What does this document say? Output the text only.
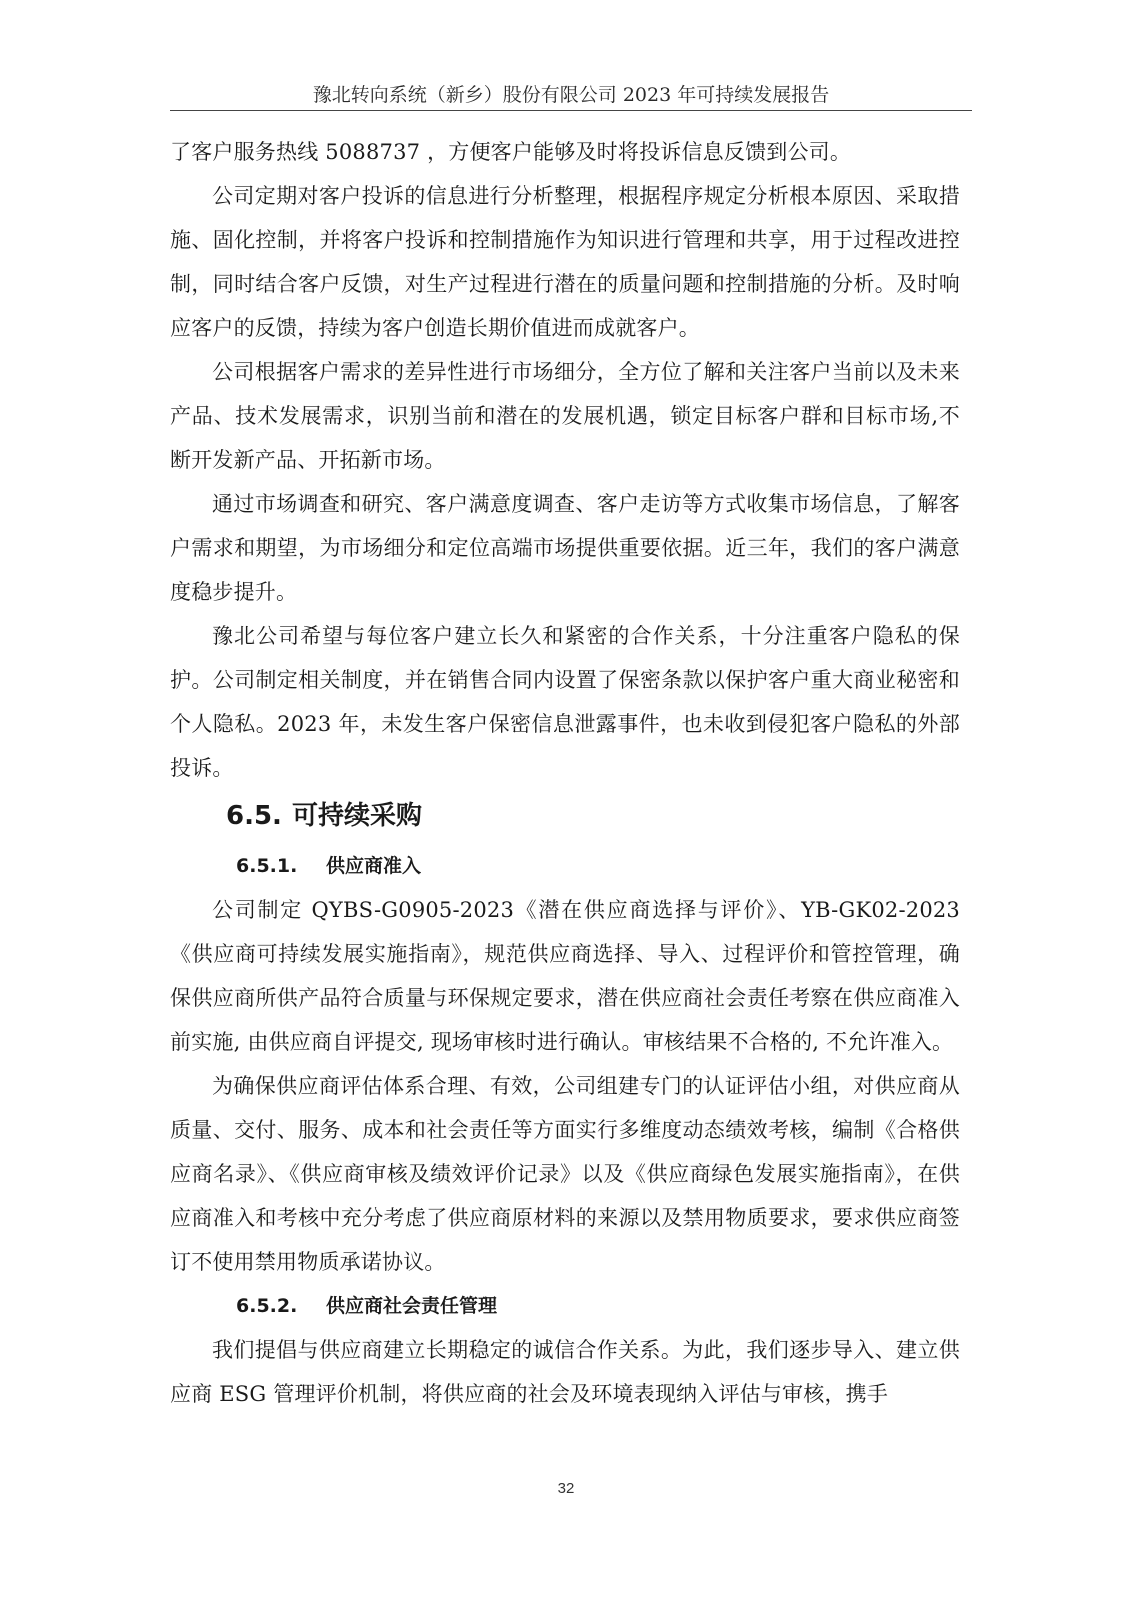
豫北转向系统（新乡）股份有限公司 2023 年可持续发展报告

了客户服务热线 5088737 ，方便客户能够及时将投诉信息反馈到公司。

公司定期对客户投诉的信息进行分析整理，根据程序规定分析根本原因、采取措施、固化控制，并将客户投诉和控制措施作为知识进行管理和共享，用于过程改进控制，同时结合客户反馈，对生产过程进行潜在的质量问题和控制措施的分析。及时响应客户的反馈，持续为客户创造长期价值进而成就客户。

公司根据客户需求的差异性进行市场细分，全方位了解和关注客户当前以及未来产品、技术发展需求，识别当前和潜在的发展机遇，锁定目标客户群和目标市场,不断开发新产品、开拓新市场。

通过市场调查和研究、客户满意度调查、客户走访等方式收集市场信息，了解客户需求和期望，为市场细分和定位高端市场提供重要依据。近三年，我们的客户满意度稳步提升。

豫北公司希望与每位客户建立长久和紧密的合作关系，十分注重客户隐私的保护。公司制定相关制度，并在销售合同内设置了保密条款以保护客户重大商业秘密和个人隐私。2023 年，未发生客户保密信息泄露事件，也未收到侵犯客户隐私的外部投诉。

6.5. 可持续采购
6.5.1. 供应商准入

公司制定 QYBS-G0905-2023《潜在供应商选择与评价》、YB-GK02-2023《供应商可持续发展实施指南》，规范供应商选择、导入、过程评价和管控管理，确保供应商所供产品符合质量与环保规定要求，潜在供应商社会责任考察在供应商准入前实施, 由供应商自评提交, 现场审核时进行确认。审核结果不合格的, 不允许准入。

为确保供应商评估体系合理、有效，公司组建专门的认证评估小组，对供应商从质量、交付、服务、成本和社会责任等方面实行多维度动态绩效考核，编制《合格供应商名录》、《供应商审核及绩效评价记录》以及《供应商绿色发展实施指南》，在供应商准入和考核中充分考虑了供应商原材料的来源以及禁用物质要求，要求供应商签订不使用禁用物质承诺协议。

6.5.2. 供应商社会责任管理

我们提倡与供应商建立长期稳定的诚信合作关系。为此，我们逐步导入、建立供应商 ESG 管理评价机制，将供应商的社会及环境表现纳入评估与审核，携手

32
